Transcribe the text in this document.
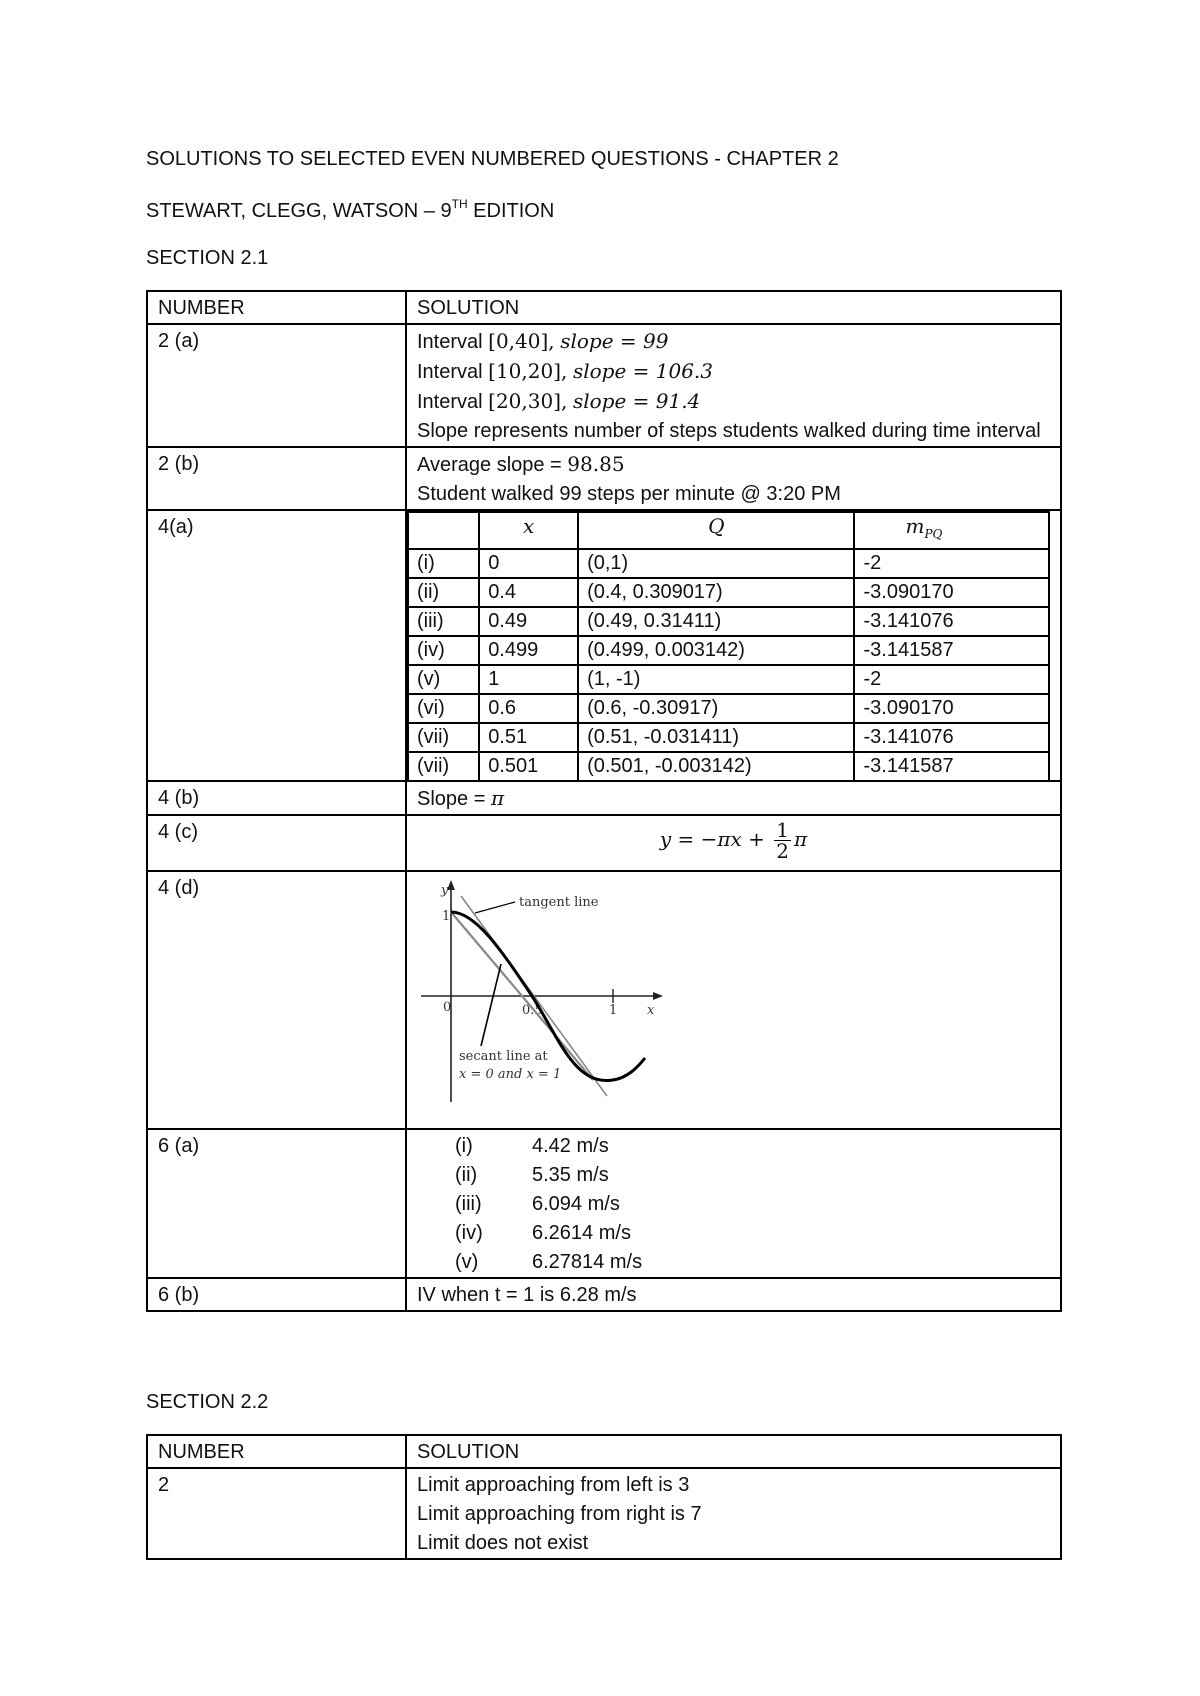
SOLUTIONS TO SELECTED EVEN NUMBERED QUESTIONS - CHAPTER 2
STEWART, CLEGG, WATSON – 9TH EDITION
SECTION 2.1
NUMBER	SOLUTION
2 (a)	Interval [0,40], slope = 99
Interval [10,20], slope = 106.3
Interval [20,30], slope = 91.4
Slope represents number of steps students walked during time interval

2 (b)	Average slope = 98.85
Student walked 99 steps per minute @ 3:20 PM

4(a)	
		x	Q	$m_{PQ}$
(i)	0	(0,1)	-2
(ii)	0.4	(0.4, 0.309017)	-3.090170
(iii)	0.49	(0.49, 0.31411)	-3.141076
(iv)	0.499	(0.499, 0.003142)	-3.141587
(v)	1	(1, -1)	-2
(vi)	0.6	(0.6, -0.30917)	-3.090170
(vii)	0.51	(0.51, -0.031411)	-3.141076
(vii)	0.501	(0.501, -0.003142)	-3.141587

4 (b)	Slope = π
4 (c)	$y = -\pi x + \frac{1}{2}$ π
4 (d)	y
1
0	0.5	1 x
tangent line
secant line at
x = 0 and x = 1

6 (a)	(i)	4.42 m/s
(ii)	5.35 m/s
(iii)	6.094 m/s
(iv)	6.2614 m/s
(v)	6.27814 m/s

6 (b)	IV when t = 1 is 6.28 m/s
SECTION 2.2
NUMBER	SOLUTION
2	Limit approaching from left is 3
Limit approaching from right is 7
Limit does not exist
